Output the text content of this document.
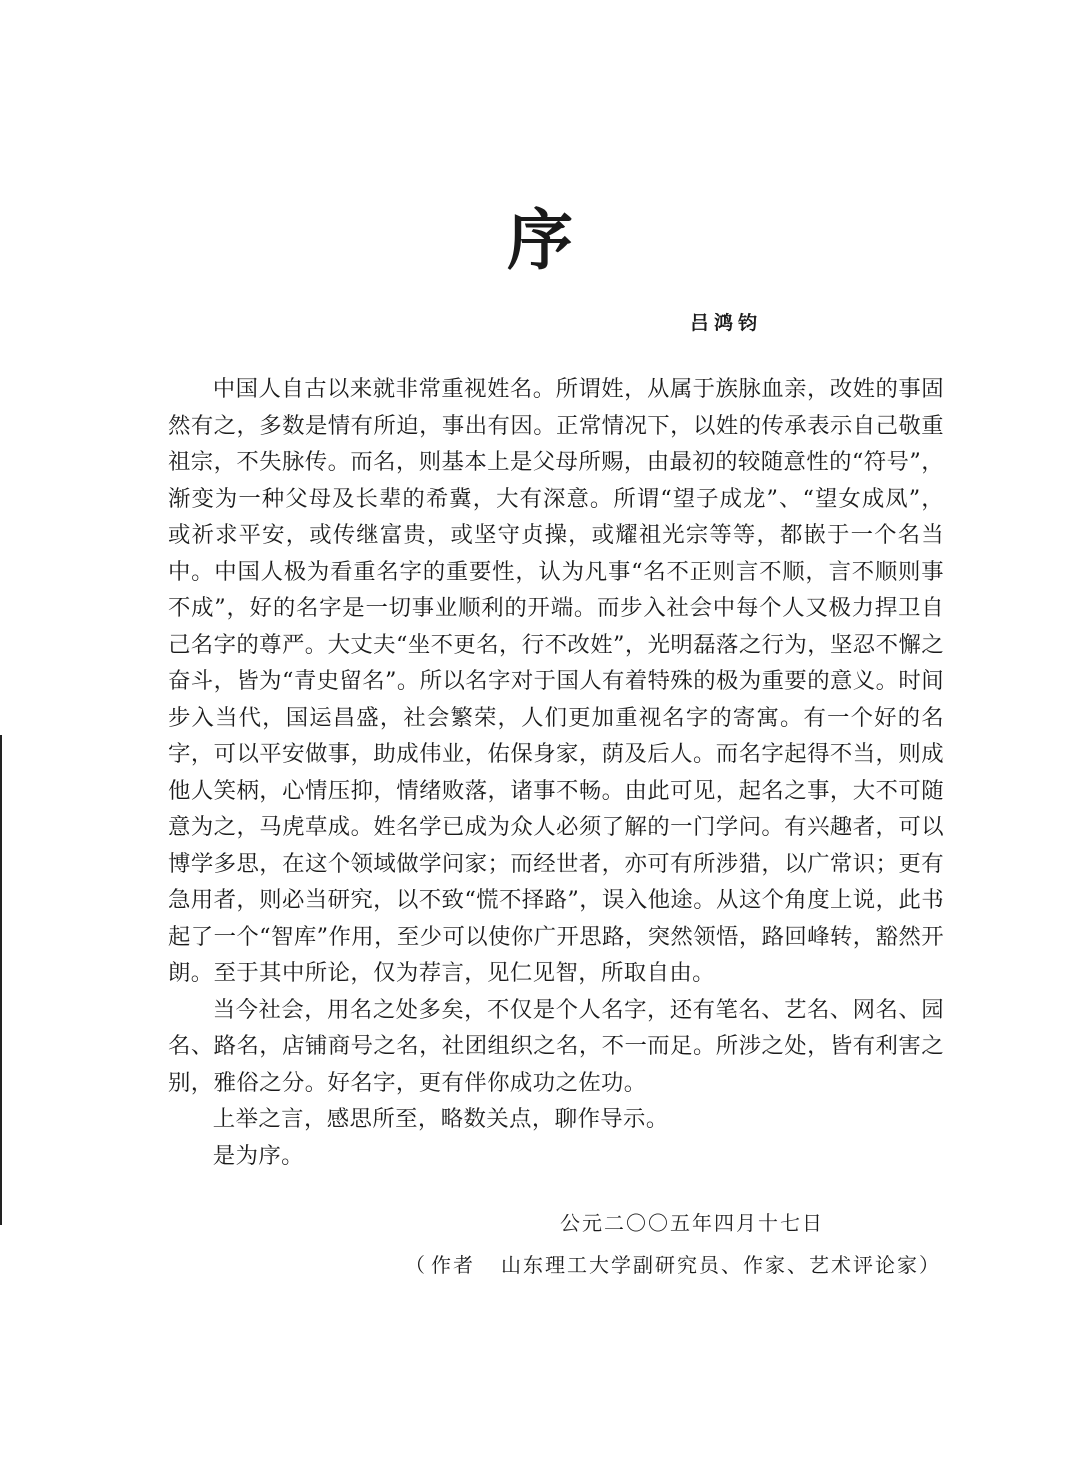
序
吕鸿钧

中国人自古以来就非常重视姓名。所谓姓，从属于族脉血亲，改姓的事固然有之，多数是情有所迫，事出有因。正常情况下，以姓的传承表示自己敬重祖宗，不失脉传。而名，则基本上是父母所赐，由最初的较随意性的“符号”，渐变为一种父母及长辈的希冀，大有深意。所谓“望子成龙”、“望女成凤”，或祈求平安，或传继富贵，或坚守贞操，或耀祖光宗等等，都嵌于一个名当中。中国人极为看重名字的重要性，认为凡事“名不正则言不顺，言不顺则事不成”，好的名字是一切事业顺利的开端。而步入社会中每个人又极力捍卫自己名字的尊严。大丈夫“坐不更名，行不改姓”，光明磊落之行为，坚忍不懈之奋斗，皆为“青史留名”。所以名字对于国人有着特殊的极为重要的意义。时间步入当代，国运昌盛，社会繁荣，人们更加重视名字的寄寓。有一个好的名字，可以平安做事，助成伟业，佑保身家，荫及后人。而名字起得不当，则成他人笑柄，心情压抑，情绪败落，诸事不畅。由此可见，起名之事，大不可随意为之，马虎草成。姓名学已成为众人必须了解的一门学问。有兴趣者，可以博学多思，在这个领域做学问家；而经世者，亦可有所涉猎，以广常识；更有急用者，则必当研究，以不致“慌不择路”，误入他途。从这个角度上说，此书起了一个“智库”作用，至少可以使你广开思路，突然领悟，路回峰转，豁然开朗。至于其中所论，仅为荐言，见仁见智，所取自由。

当今社会，用名之处多矣，不仅是个人名字，还有笔名、艺名、网名、园名、路名，店铺商号之名，社团组织之名，不一而足。所涉之处，皆有利害之别，雅俗之分。好名字，更有伴你成功之佐功。

上举之言，感思所至，略数关点，聊作导示。

是为序。

公元二〇〇五年四月十七日
（ 作者 山东理工大学副研究员、作家、艺术评论家）
